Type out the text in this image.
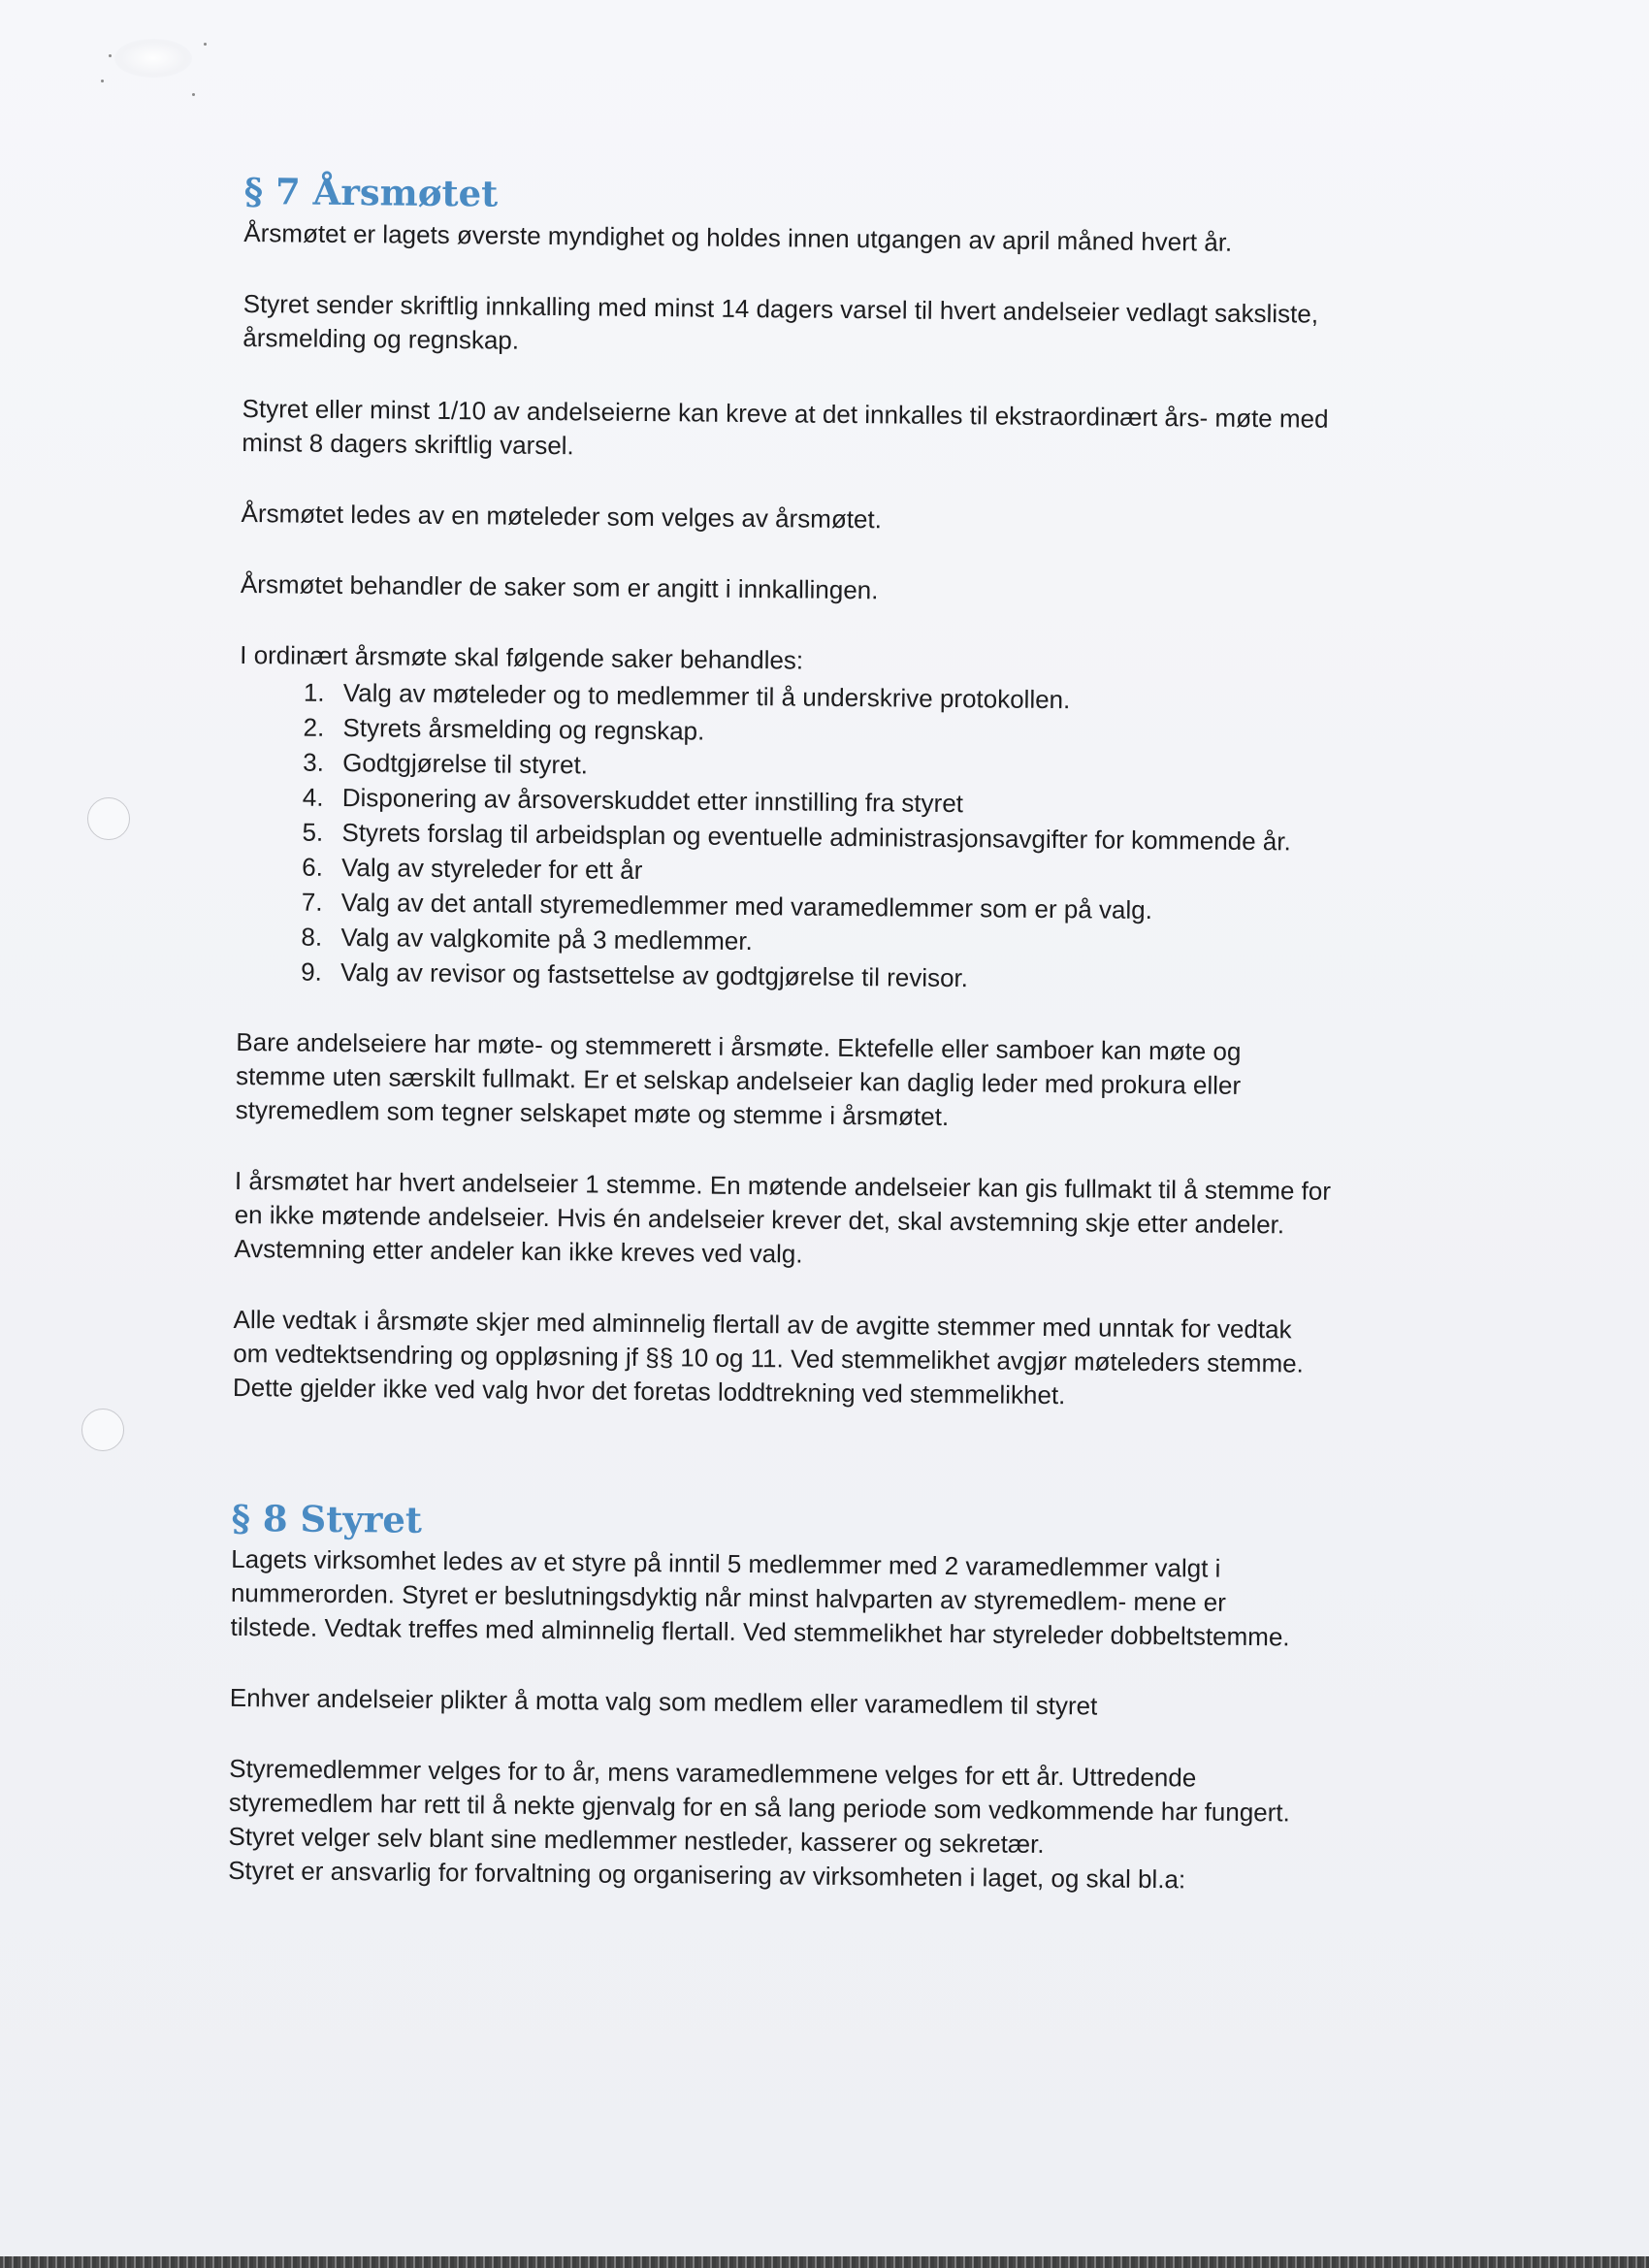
§ 7 Årsmøtet

Årsmøtet er lagets øverste myndighet og holdes innen utgangen av april måned hvert år.

Styret sender skriftlig innkalling med minst 14 dagers varsel til hvert andelseier vedlagt saksliste, årsmelding og regnskap.

Styret eller minst 1/10 av andelseierne kan kreve at det innkalles til ekstraordinært års- møte med minst 8 dagers skriftlig varsel.

Årsmøtet ledes av en møteleder som velges av årsmøtet.

Årsmøtet behandler de saker som er angitt i innkallingen.

I ordinært årsmøte skal følgende saker behandles:

1. Valg av møteleder og to medlemmer til å underskrive protokollen.
2. Styrets årsmelding og regnskap.
3. Godtgjørelse til styret.
4. Disponering av årsoverskuddet etter innstilling fra styret
5. Styrets forslag til arbeidsplan og eventuelle administrasjonsavgifter for kommende år.
6. Valg av styreleder for ett år
7. Valg av det antall styremedlemmer med varamedlemmer som er på valg.
8. Valg av valgkomite på 3 medlemmer.
9. Valg av revisor og fastsettelse av godtgjørelse til revisor.

Bare andelseiere har møte- og stemmerett i årsmøte. Ektefelle eller samboer kan møte og stemme uten særskilt fullmakt. Er et selskap andelseier kan daglig leder med prokura eller styremedlem som tegner selskapet møte og stemme i årsmøtet.

I årsmøtet har hvert andelseier 1 stemme. En møtende andelseier kan gis fullmakt til å stemme for en ikke møtende andelseier. Hvis én andelseier krever det, skal avstemning skje etter andeler. Avstemning etter andeler kan ikke kreves ved valg.

Alle vedtak i årsmøte skjer med alminnelig flertall av de avgitte stemmer med unntak for vedtak om vedtektsendring og oppløsning jf §§ 10 og 11. Ved stemmelikhet avgjør møteleders stemme. Dette gjelder ikke ved valg hvor det foretas loddtrekning ved stemmelikhet.

§ 8 Styret

Lagets virksomhet ledes av et styre på inntil 5 medlemmer med 2 varamedlemmer valgt i nummerorden. Styret er beslutningsdyktig når minst halvparten av styremedlem- mene er tilstede. Vedtak treffes med alminnelig flertall. Ved stemmelikhet har styreleder dobbeltstemme.

Enhver andelseier plikter å motta valg som medlem eller varamedlem til styret

Styremedlemmer velges for to år, mens varamedlemmene velges for ett år. Uttredende styremedlem har rett til å nekte gjenvalg for en så lang periode som vedkommende har fungert.

Styret velger selv blant sine medlemmer nestleder, kasserer og sekretær.

Styret er ansvarlig for forvaltning og organisering av virksomheten i laget, og skal bl.a:
